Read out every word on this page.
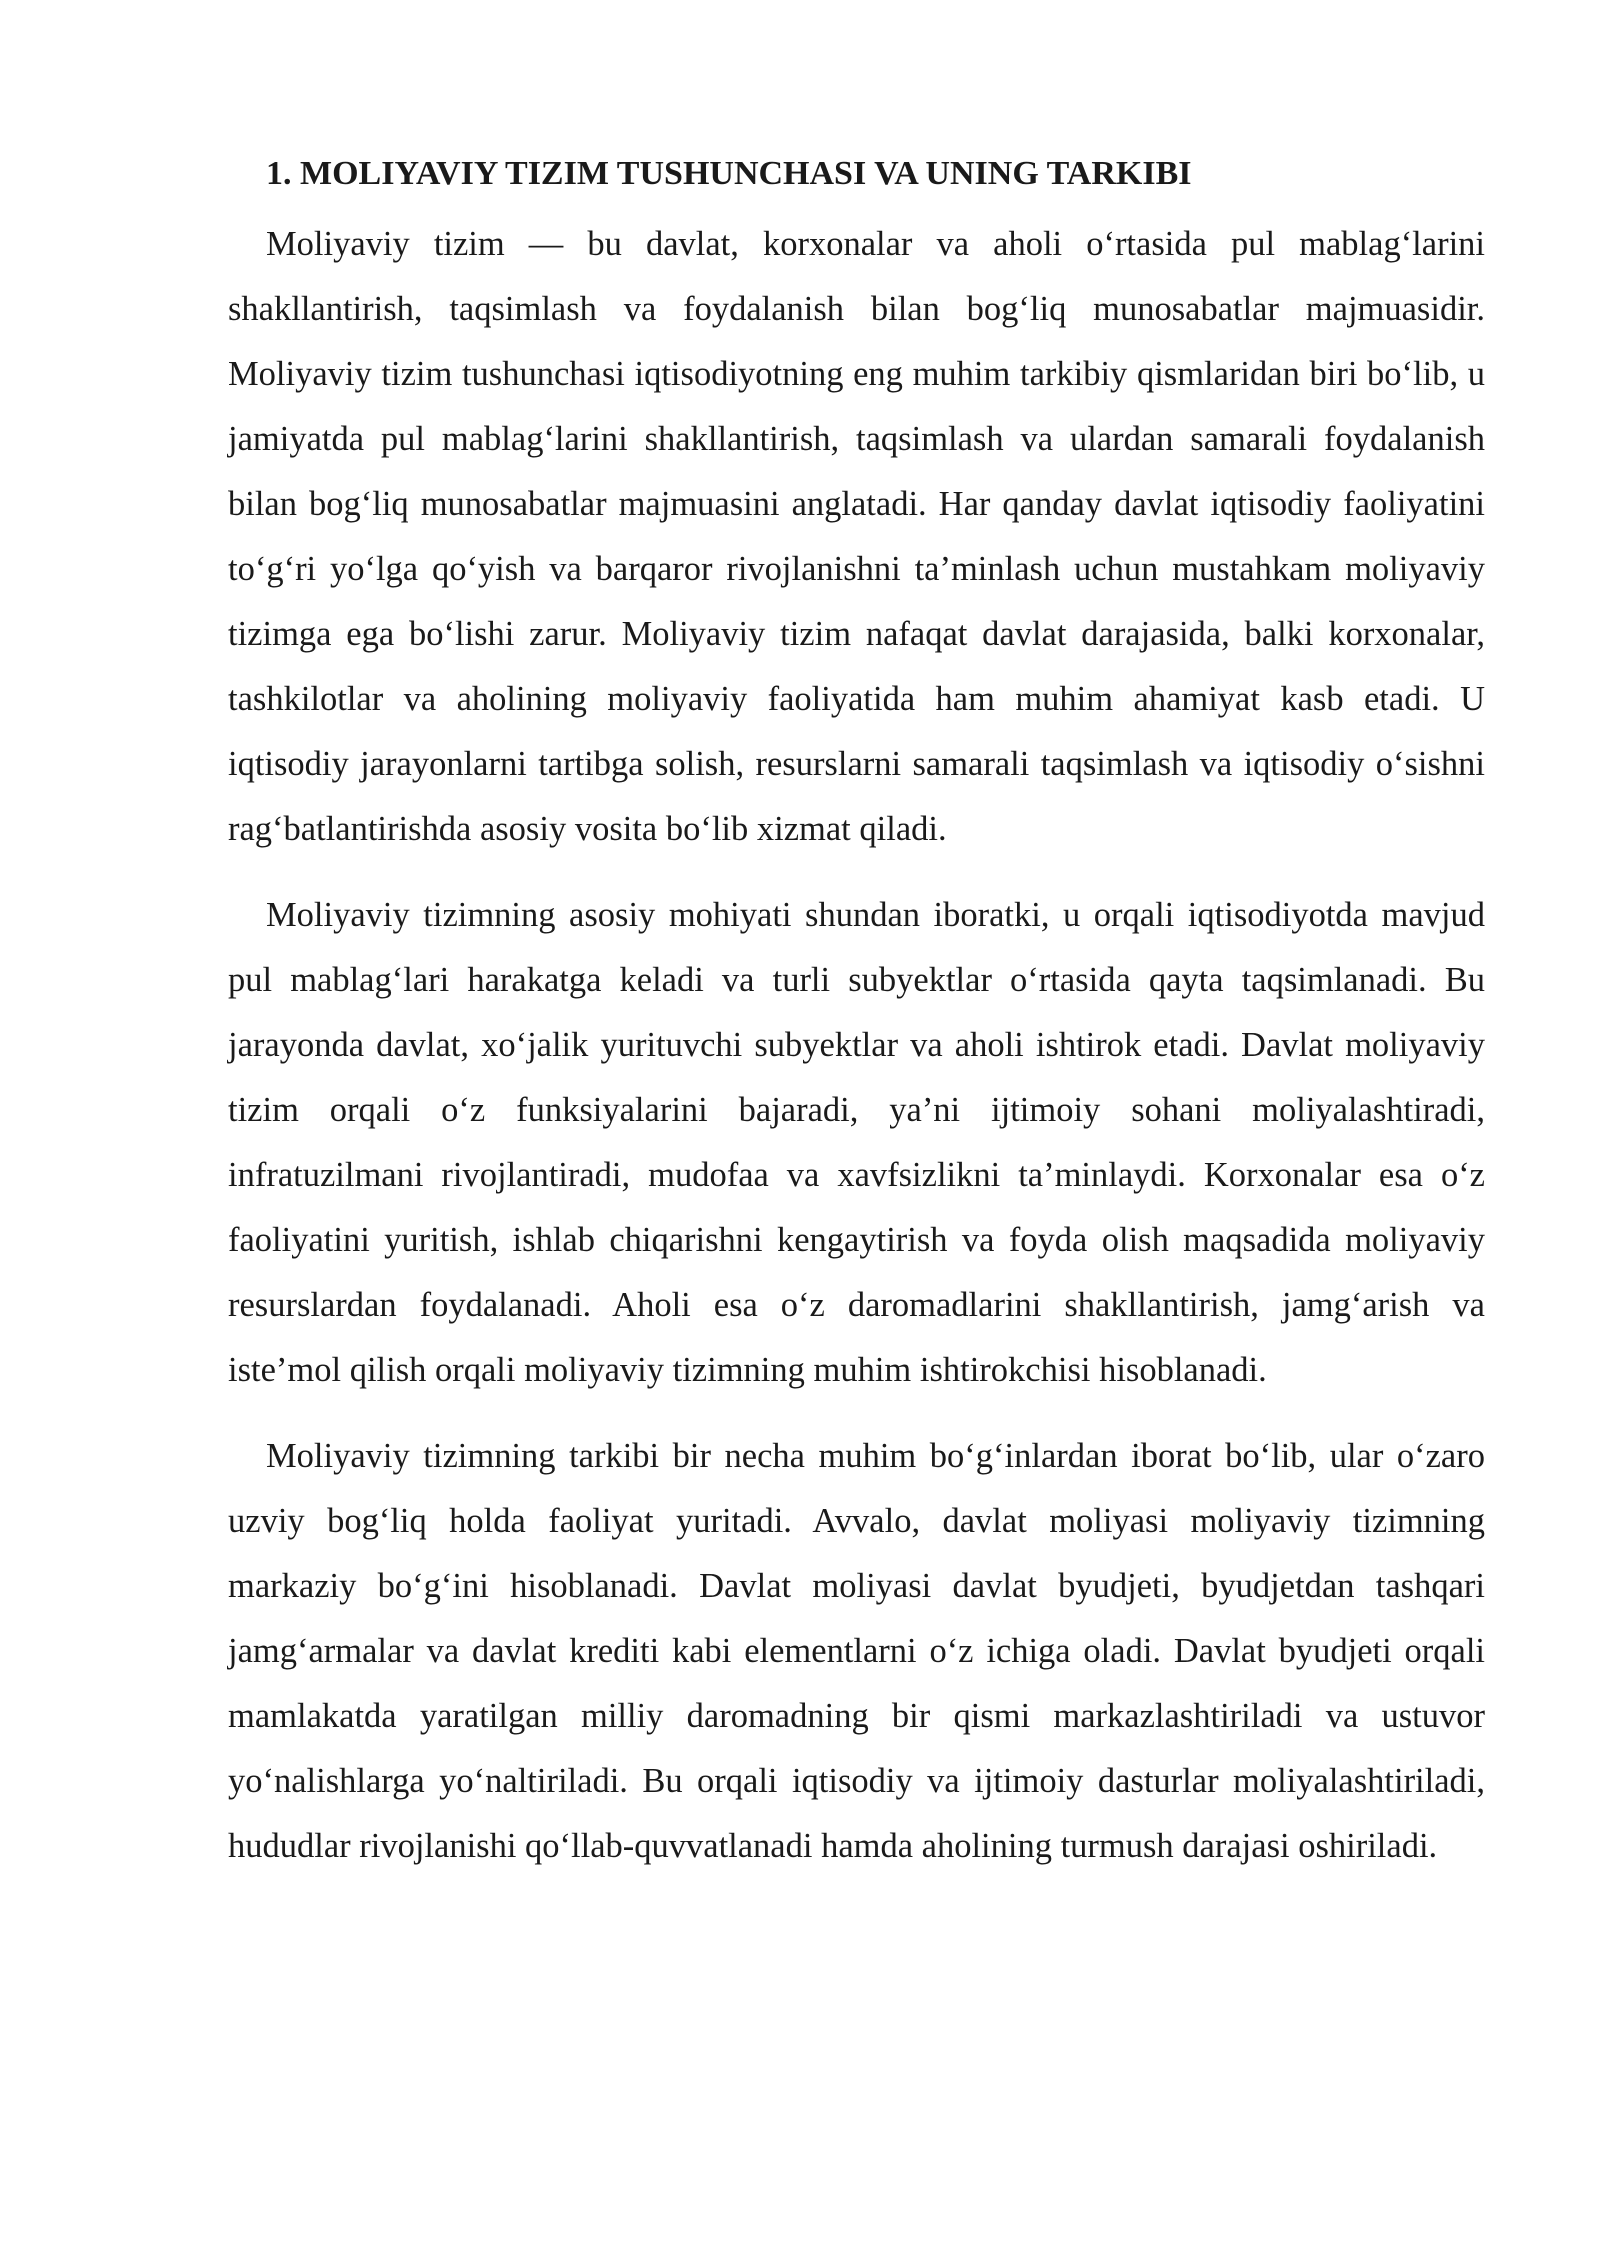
1. MOLIYAVIY TIZIM TUSHUNCHASI VA UNING TARKIBI

Moliyaviy tizim — bu davlat, korxonalar va aholi o‘rtasida pul mablag‘larini shakllantirish, taqsimlash va foydalanish bilan bog‘liq munosabatlar majmuasidir. Moliyaviy tizim tushunchasi iqtisodiyotning eng muhim tarkibiy qismlaridan biri bo‘lib, u jamiyatda pul mablag‘larini shakllantirish, taqsimlash va ulardan samarali foydalanish bilan bog‘liq munosabatlar majmuasini anglatadi. Har qanday davlat iqtisodiy faoliyatini to‘g‘ri yo‘lga qo‘yish va barqaror rivojlanishni ta’minlash uchun mustahkam moliyaviy tizimga ega bo‘lishi zarur. Moliyaviy tizim nafaqat davlat darajasida, balki korxonalar, tashkilotlar va aholining moliyaviy faoliyatida ham muhim ahamiyat kasb etadi. U iqtisodiy jarayonlarni tartibga solish, resurslarni samarali taqsimlash va iqtisodiy o‘sishni rag‘batlantirishda asosiy vosita bo‘lib xizmat qiladi.

Moliyaviy tizimning asosiy mohiyati shundan iboratki, u orqali iqtisodiyotda mavjud pul mablag‘lari harakatga keladi va turli subyektlar o‘rtasida qayta taqsimlanadi. Bu jarayonda davlat, xo‘jalik yurituvchi subyektlar va aholi ishtirok etadi. Davlat moliyaviy tizim orqali o‘z funksiyalarini bajaradi, ya’ni ijtimoiy sohani moliyalashtiradi, infratuzilmani rivojlantiradi, mudofaa va xavfsizlikni ta’minlaydi. Korxonalar esa o‘z faoliyatini yuritish, ishlab chiqarishni kengaytirish va foyda olish maqsadida moliyaviy resurslardan foydalanadi. Aholi esa o‘z daromadlarini shakllantirish, jamg‘arish va iste’mol qilish orqali moliyaviy tizimning muhim ishtirokchisi hisoblanadi.

Moliyaviy tizimning tarkibi bir necha muhim bo‘g‘inlardan iborat bo‘lib, ular o‘zaro uzviy bog‘liq holda faoliyat yuritadi. Avvalo, davlat moliyasi moliyaviy tizimning markaziy bo‘g‘ini hisoblanadi. Davlat moliyasi davlat byudjeti, byudjetdan tashqari jamg‘armalar va davlat krediti kabi elementlarni o‘z ichiga oladi. Davlat byudjeti orqali mamlakatda yaratilgan milliy daromadning bir qismi markazlashtiriladi va ustuvor yo‘nalishlarga yo‘naltiriladi. Bu orqali iqtisodiy va ijtimoiy dasturlar moliyalashtiriladi, hududlar rivojlanishi qo‘llab-quvvatlanadi hamda aholining turmush darajasi oshiriladi.
